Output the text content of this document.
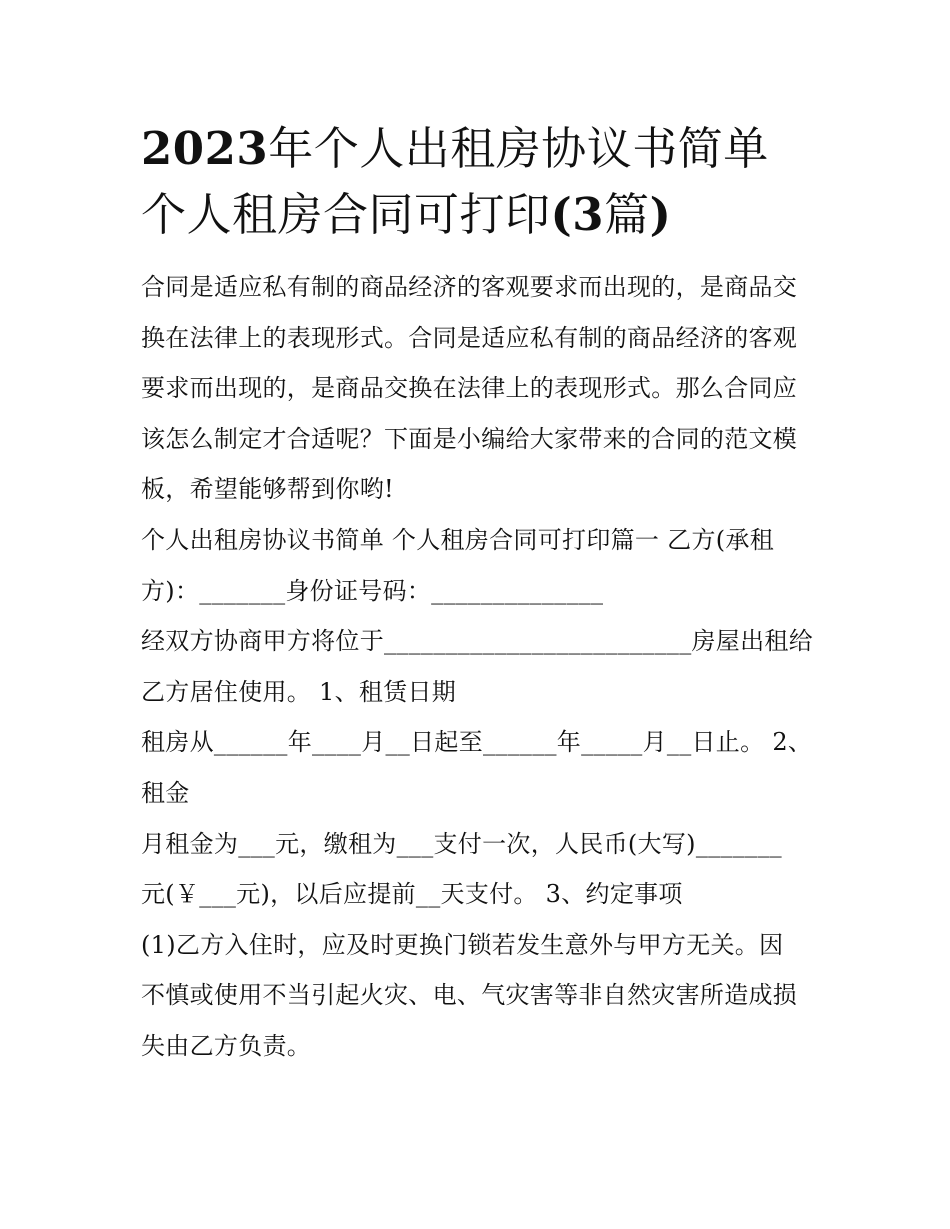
2023年个人出租房协议书简单
个人租房合同可打印(3篇)
合同是适应私有制的商品经济的客观要求而出现的，是商品交
换在法律上的表现形式。合同是适应私有制的商品经济的客观
要求而出现的，是商品交换在法律上的表现形式。那么合同应
该怎么制定才合适呢？下面是小编给大家带来的合同的范文模
板，希望能够帮到你哟!
个人出租房协议书简单 个人租房合同可打印篇一 乙方(承租
方)：_______身份证号码：______________
经双方协商甲方将位于_________________________房屋出租给
乙方居住使用。 1、租赁日期
租房从______年____月__日起至______年_____月__日止。 2、
租金
月租金为___元，缴租为___支付一次，人民币(大写)_______
元(￥___元)，以后应提前__天支付。 3、约定事项
(1)乙方入住时，应及时更换门锁若发生意外与甲方无关。因
不慎或使用不当引起火灾、电、气灾害等非自然灾害所造成损
失由乙方负责。
